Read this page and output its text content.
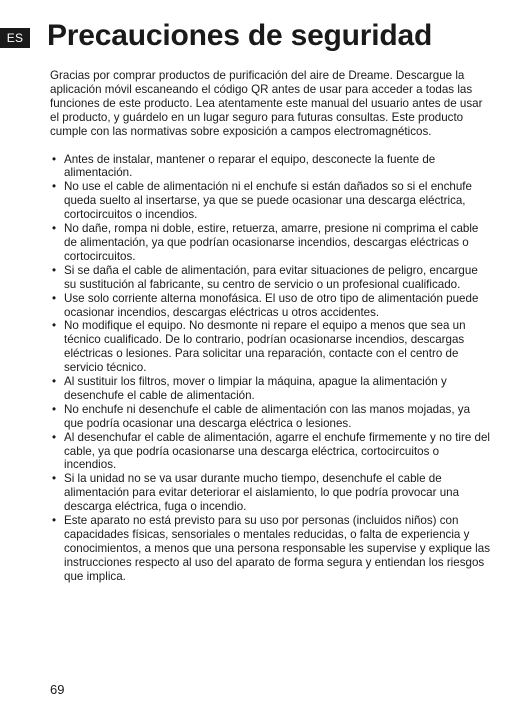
ES Precauciones de seguridad

Gracias por comprar productos de purificación del aire de Dreame. Descargue la aplicación móvil escaneando el código QR antes de usar para acceder a todas las funciones de este producto. Lea atentamente este manual del usuario antes de usar el producto, y guárdelo en un lugar seguro para futuras consultas. Este producto cumple con las normativas sobre exposición a campos electromagnéticos.

• Antes de instalar, mantener o reparar el equipo, desconecte la fuente de alimentación.
• No use el cable de alimentación ni el enchufe si están dañados so si el enchufe queda suelto al insertarse, ya que se puede ocasionar una descarga eléctrica, cortocircuitos o incendios.
• No dañe, rompa ni doble, estire, retuerza, amarre, presione ni comprima el cable de alimentación, ya que podrían ocasionarse incendios, descargas eléctricas o cortocircuitos.
• Si se daña el cable de alimentación, para evitar situaciones de peligro, encargue su sustitución al fabricante, su centro de servicio o un profesional cualificado.
• Use solo corriente alterna monofásica. El uso de otro tipo de alimentación puede ocasionar incendios, descargas eléctricas u otros accidentes.
• No modifique el equipo. No desmonte ni repare el equipo a menos que sea un técnico cualificado. De lo contrario, podrían ocasionarse incendios, descargas eléctricas o lesiones. Para solicitar una reparación, contacte con el centro de servicio técnico.
• Al sustituir los filtros, mover o limpiar la máquina, apague la alimentación y desenchufe el cable de alimentación.
• No enchufe ni desenchufe el cable de alimentación con las manos mojadas, ya que podría ocasionar una descarga eléctrica o lesiones.
• Al desenchufar el cable de alimentación, agarre el enchufe firmemente y no tire del cable, ya que podría ocasionarse una descarga eléctrica, cortocircuitos o incendios.
• Si la unidad no se va usar durante mucho tiempo, desenchufe el cable de alimentación para evitar deteriorar el aislamiento, lo que podría provocar una descarga eléctrica, fuga o incendio.
• Este aparato no está previsto para su uso por personas (incluidos niños) con capacidades físicas, sensoriales o mentales reducidas, o falta de experiencia y conocimientos, a menos que una persona responsable les supervise y explique las instrucciones respecto al uso del aparato de forma segura y entiendan los riesgos que implica.
69
